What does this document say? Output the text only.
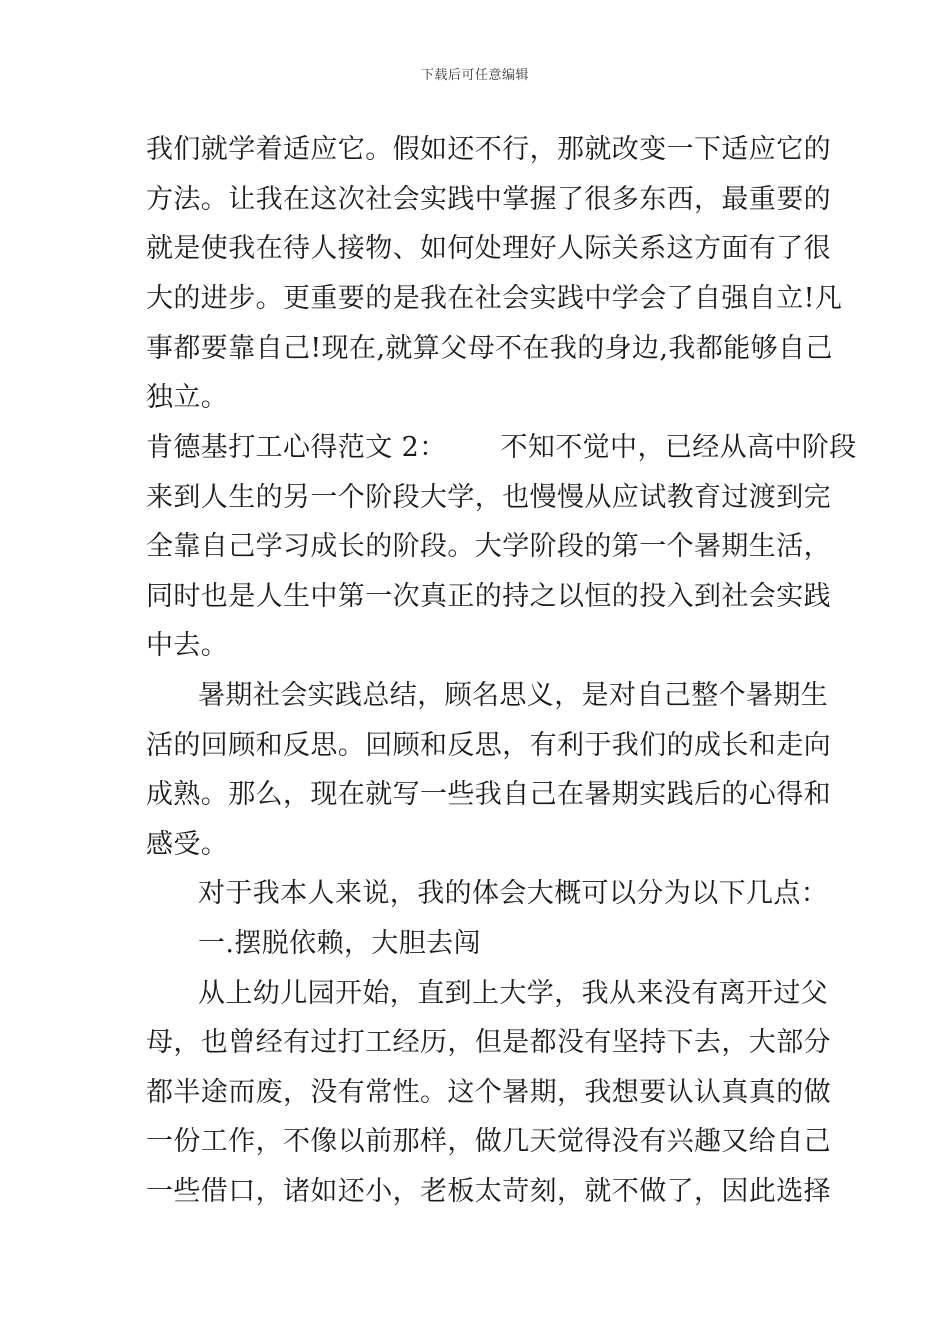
下载后可任意编辑
我们就学着适应它。假如还不行，那就改变一下适应它的
方法。让我在这次社会实践中掌握了很多东西，最重要的
就是使我在待人接物、如何处理好人际关系这方面有了很
大的进步。更重要的是我在社会实践中学会了自强自立!凡
事都要靠自己!现在,就算父母不在我的身边,我都能够自己
独立。
肯德基打工心得范文 2：      不知不觉中，已经从高中阶段
来到人生的另一个阶段大学，也慢慢从应试教育过渡到完
全靠自己学习成长的阶段。大学阶段的第一个暑期生活，
同时也是人生中第一次真正的持之以恒的投入到社会实践
中去。
暑期社会实践总结，顾名思义，是对自己整个暑期生
活的回顾和反思。回顾和反思，有利于我们的成长和走向
成熟。那么，现在就写一些我自己在暑期实践后的心得和
感受。
对于我本人来说，我的体会大概可以分为以下几点：
一.摆脱依赖，大胆去闯
从上幼儿园开始，直到上大学，我从来没有离开过父
母，也曾经有过打工经历，但是都没有坚持下去，大部分
都半途而废，没有常性。这个暑期，我想要认认真真的做
一份工作，不像以前那样，做几天觉得没有兴趣又给自己
一些借口，诸如还小，老板太苛刻，就不做了，因此选择
